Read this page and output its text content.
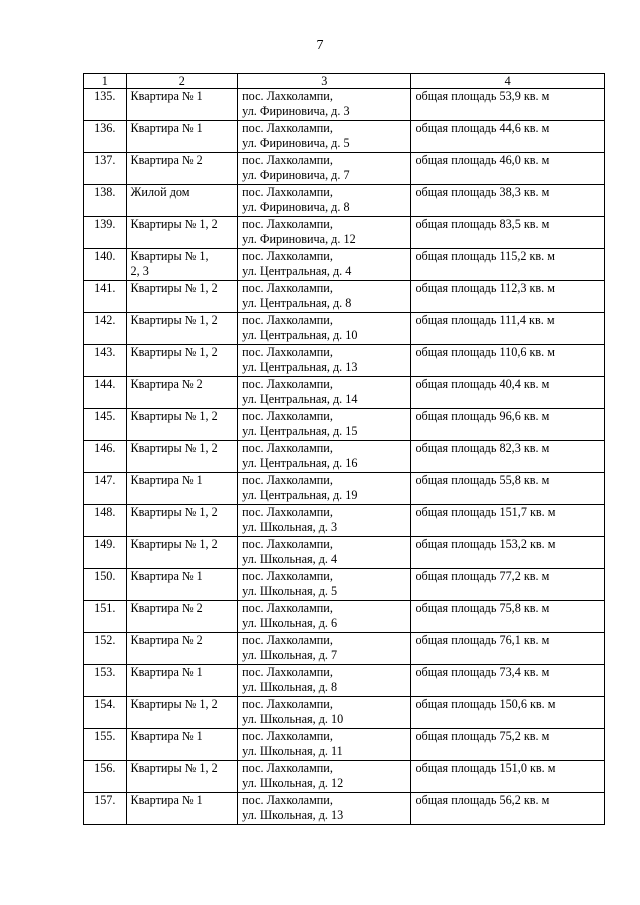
7
1	2	3	4
135.	Квартира № 1	пос. Лахколампи,
ул. Фириновича, д. 3	общая площадь 53,9 кв. м
136.	Квартира № 1	пос. Лахколампи,
ул. Фириновича, д. 5	общая площадь 44,6 кв. м
137.	Квартира № 2	пос. Лахколампи,
ул. Фириновича, д. 7	общая площадь 46,0 кв. м
138.	Жилой дом	пос. Лахколампи,
ул. Фириновича, д. 8	общая площадь 38,3 кв. м
139.	Квартиры № 1, 2	пос. Лахколампи,
ул. Фириновича, д. 12	общая площадь 83,5 кв. м
140.	Квартиры № 1,
2, 3	пос. Лахколампи,
ул. Центральная, д. 4	общая площадь 115,2 кв. м
141.	Квартиры № 1, 2	пос. Лахколампи,
ул. Центральная, д. 8	общая площадь 112,3 кв. м
142.	Квартиры № 1, 2	пос. Лахколампи,
ул. Центральная, д. 10	общая площадь 111,4 кв. м
143.	Квартиры № 1, 2	пос. Лахколампи,
ул. Центральная, д. 13	общая площадь 110,6 кв. м
144.	Квартира № 2	пос. Лахколампи,
ул. Центральная, д. 14	общая площадь 40,4 кв. м
145.	Квартиры № 1, 2	пос. Лахколампи,
ул. Центральная, д. 15	общая площадь 96,6 кв. м
146.	Квартиры № 1, 2	пос. Лахколампи,
ул. Центральная, д. 16	общая площадь 82,3 кв. м
147.	Квартира № 1	пос. Лахколампи,
ул. Центральная, д. 19	общая площадь 55,8 кв. м
148.	Квартиры № 1, 2	пос. Лахколампи,
ул. Школьная, д. 3	общая площадь 151,7 кв. м
149.	Квартиры № 1, 2	пос. Лахколампи,
ул. Школьная, д. 4	общая площадь 153,2 кв. м
150.	Квартира № 1	пос. Лахколампи,
ул. Школьная, д. 5	общая площадь 77,2 кв. м
151.	Квартира № 2	пос. Лахколампи,
ул. Школьная, д. 6	общая площадь 75,8 кв. м
152.	Квартира № 2	пос. Лахколампи,
ул. Школьная, д. 7	общая площадь 76,1 кв. м
153.	Квартира № 1	пос. Лахколампи,
ул. Школьная, д. 8	общая площадь 73,4 кв. м
154.	Квартиры № 1, 2	пос. Лахколампи,
ул. Школьная, д. 10	общая площадь 150,6 кв. м
155.	Квартира № 1	пос. Лахколампи,
ул. Школьная, д. 11	общая площадь 75,2 кв. м
156.	Квартиры № 1, 2	пос. Лахколампи,
ул. Школьная, д. 12	общая площадь 151,0 кв. м
157.	Квартира № 1	пос. Лахколампи,
ул. Школьная, д. 13	общая площадь 56,2 кв. м
